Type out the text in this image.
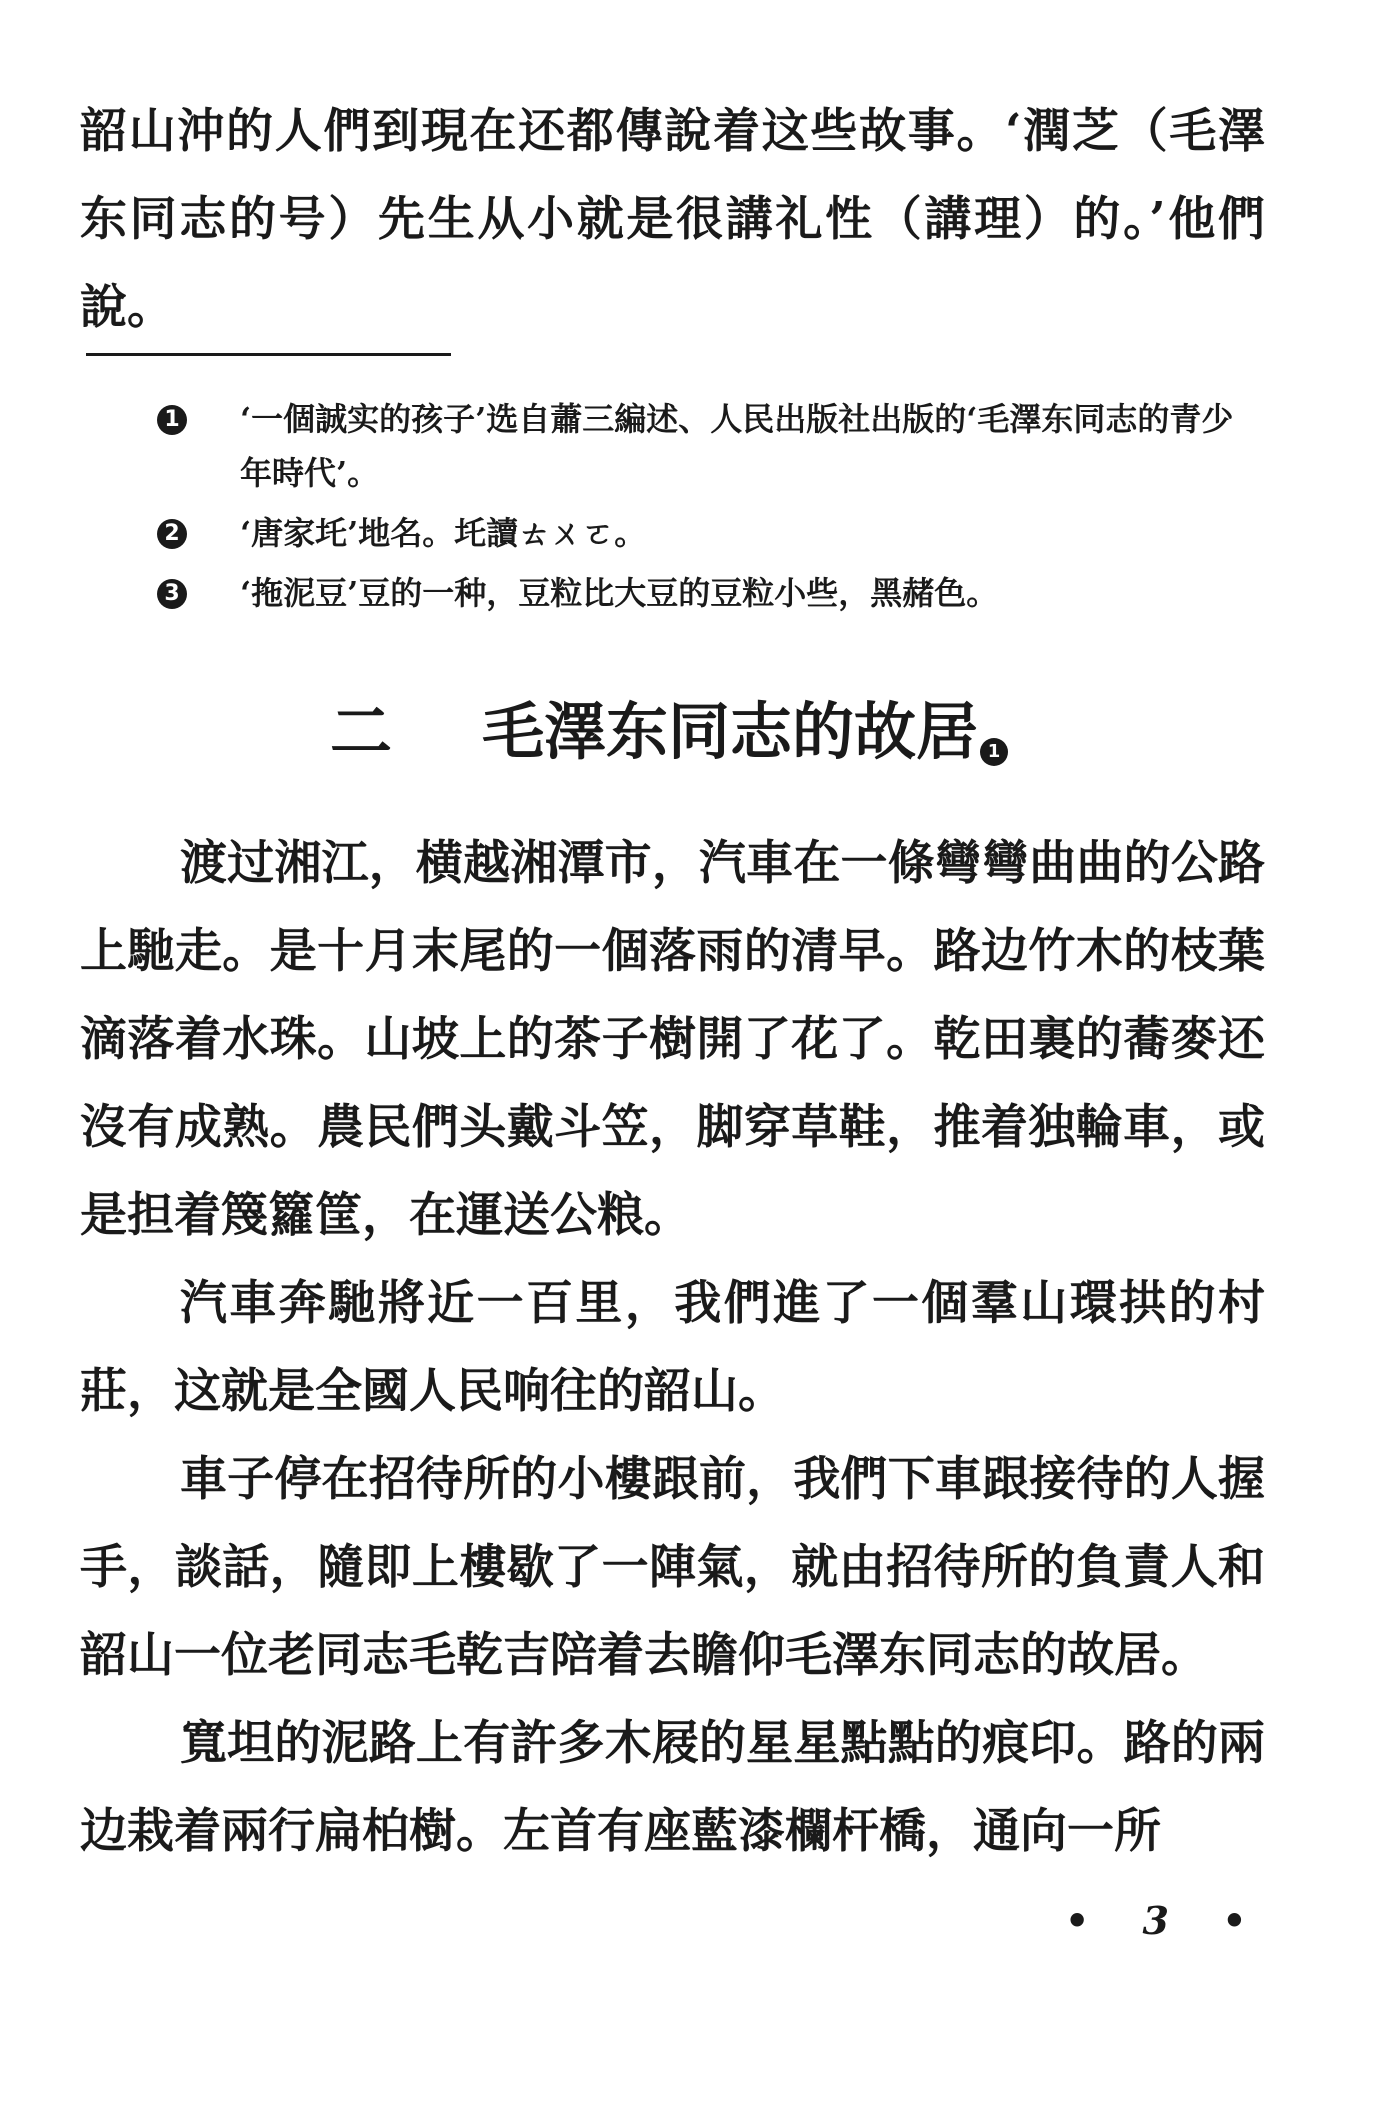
韶山沖的人們到現在还都傳說着这些故事。‘潤芝（毛澤东同志的号）先生从小就是很講礼性（講理）的。’他們說。
1 ‘一個誠实的孩子’选自蕭三編述、人民出版社出版的‘毛澤东同志的青少年時代’。
2 ‘唐家圫’地名。圫讀ㄊㄨㄛ。
3 ‘拖泥豆’豆的一种，豆粒比大豆的豆粒小些，黑赭色。
二 毛澤东同志的故居 1

渡过湘江，横越湘潭市，汽車在一條彎彎曲曲的公路上馳走。是十月末尾的一個落雨的清早。路边竹木的枝葉滴落着水珠。山坡上的茶子樹開了花了。乾田裏的蕎麥还沒有成熟。農民們头戴斗笠，脚穿草鞋，推着独輪車，或是担着篾籮筐，在運送公粮。

汽車奔馳將近一百里，我們進了一個羣山環拱的村莊，这就是全國人民响往的韶山。

車子停在招待所的小樓跟前，我們下車跟接待的人握手，談話，隨即上樓歇了一陣氣，就由招待所的負責人和韶山一位老同志毛乾吉陪着去瞻仰毛澤东同志的故居。

寬坦的泥路上有許多木屐的星星點點的痕印。路的兩边栽着兩行扁柏樹。左首有座藍漆欄杆橋，通向一所

• 3 •
